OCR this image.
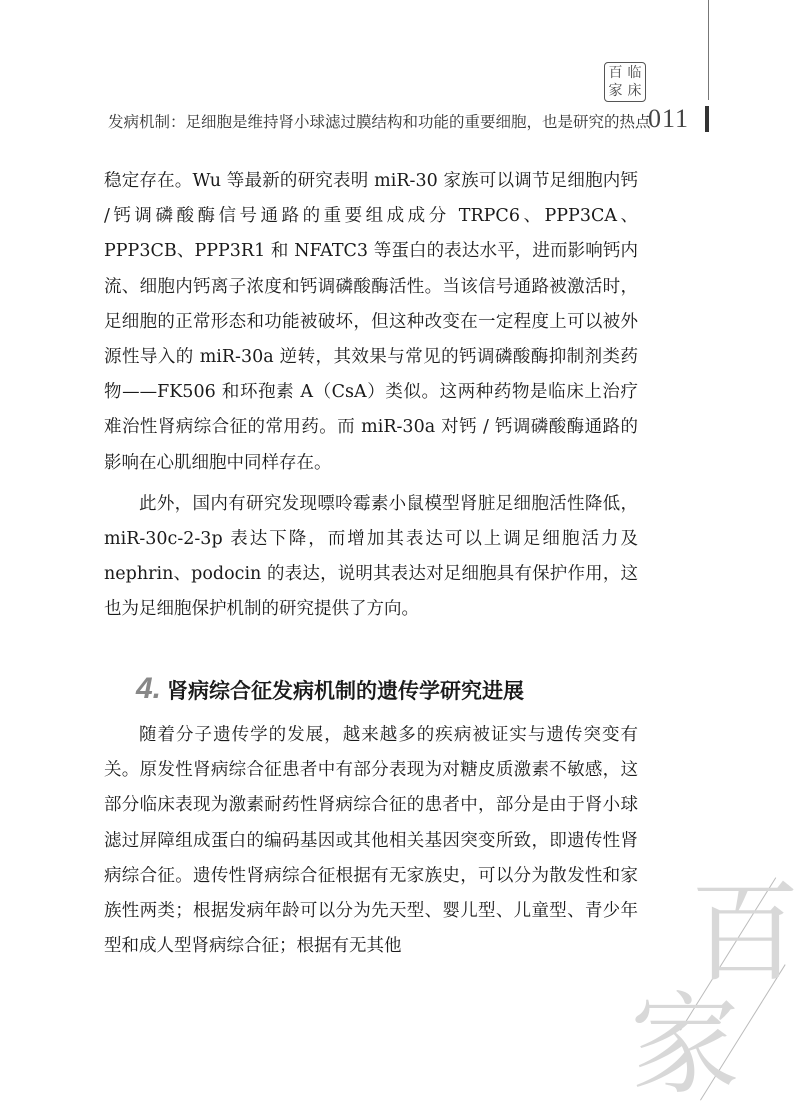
百 临
家 床
发病机制：足细胞是维持肾小球滤过膜结构和功能的重要细胞，也是研究的热点
011

稳定存在。Wu 等最新的研究表明 miR-30 家族可以调节足细胞内钙 /钙调磷酸酶信号通路的重要组成成分 TRPC6、PPP3CA、PPP3CB、PPP3R1 和 NFATC3 等蛋白的表达水平，进而影响钙内流、细胞内钙离子浓度和钙调磷酸酶活性。当该信号通路被激活时，足细胞的正常形态和功能被破坏，但这种改变在一定程度上可以被外源性导入的 miR-30a 逆转，其效果与常见的钙调磷酸酶抑制剂类药物——FK506 和环孢素 A（CsA）类似。这两种药物是临床上治疗难治性肾病综合征的常用药。而 miR-30a 对钙 / 钙调磷酸酶通路的影响在心肌细胞中同样存在。

此外，国内有研究发现嘌呤霉素小鼠模型肾脏足细胞活性降低，miR-30c-2-3p 表达下降，而增加其表达可以上调足细胞活力及 nephrin、podocin 的表达，说明其表达对足细胞具有保护作用，这也为足细胞保护机制的研究提供了方向。

4. 肾病综合征发病机制的遗传学研究进展

随着分子遗传学的发展，越来越多的疾病被证实与遗传突变有关。原发性肾病综合征患者中有部分表现为对糖皮质激素不敏感，这部分临床表现为激素耐药性肾病综合征的患者中，部分是由于肾小球滤过屏障组成蛋白的编码基因或其他相关基因突变所致，即遗传性肾病综合征。遗传性肾病综合征根据有无家族史，可以分为散发性和家族性两类；根据发病年龄可以分为先天型、婴儿型、儿童型、青少年型和成人型肾病综合征；根据有无其他	百
家
